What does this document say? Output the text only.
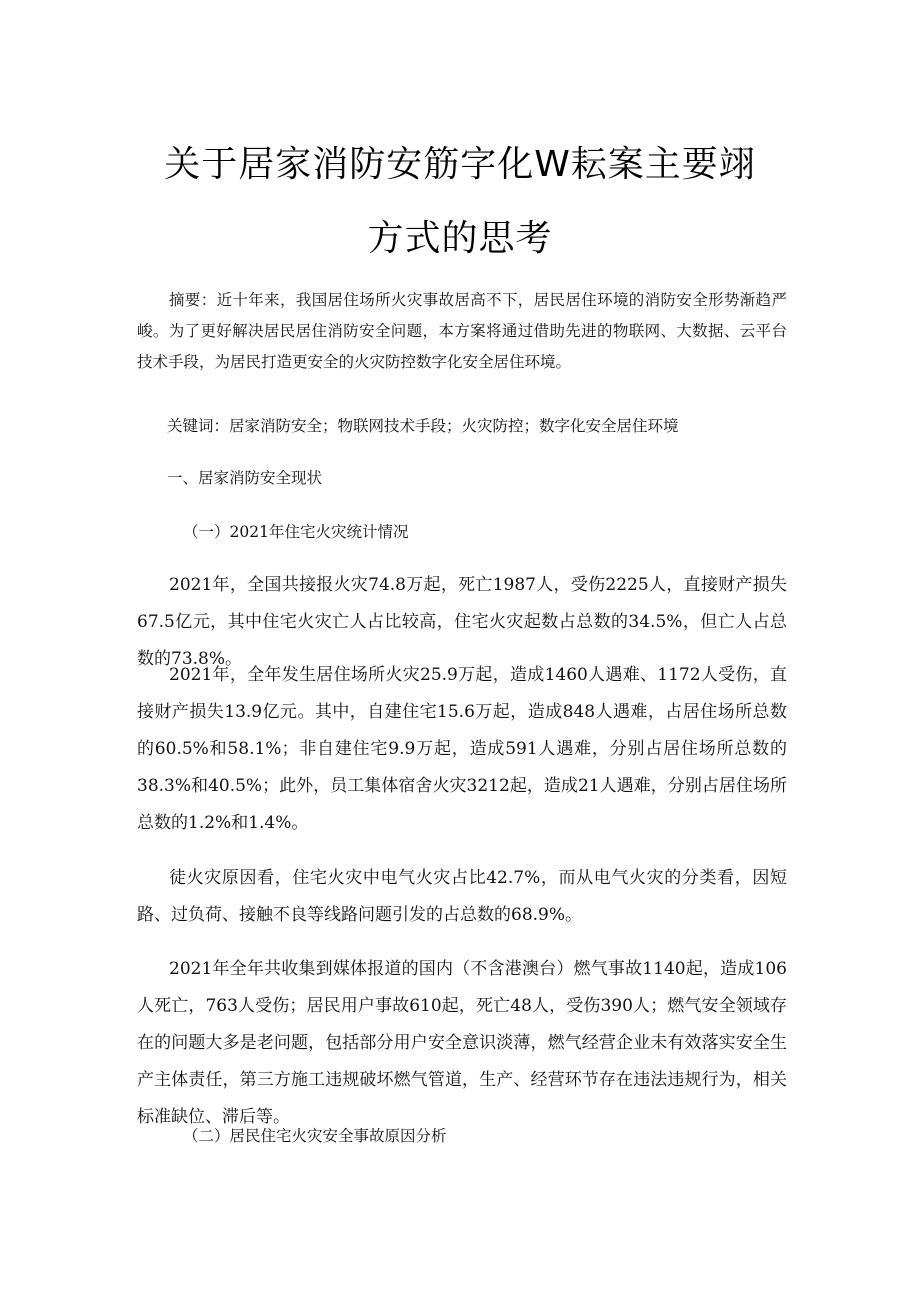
关于居家消防安筋字化W耘案主要翊
方式的思考
摘要：近十年来，我国居住场所火灾事故居高不下，居民居住环境的消防安全形势渐趋严峻。为了更好解决居民居住消防安全问题，本方案将通过借助先进的物联网、大数据、云平台技术手段，为居民打造更安全的火灾防控数字化安全居住环境。
关键词：居家消防安全；物联网技术手段；火灾防控；数字化安全居住环境
一、居家消防安全现状
（一）2021年住宅火灾统计情况
2021年，全国共接报火灾74.8万起，死亡1987人，受伤2225人，直接财产损失67.5亿元，其中住宅火灾亡人占比较高，住宅火灾起数占总数的34.5%，但亡人占总数的73.8%。
2021年，全年发生居住场所火灾25.9万起，造成1460人遇难、1172人受伤，直接财产损失13.9亿元。其中，自建住宅15.6万起，造成848人遇难，占居住场所总数的60.5%和58.1%；非自建住宅9.9万起，造成591人遇难，分别占居住场所总数的38.3%和40.5%；此外，员工集体宿舍火灾3212起，造成21人遇难，分别占居住场所总数的1.2%和1.4%。
徒火灾原因看，住宅火灾中电气火灾占比42.7%，而从电气火灾的分类看，因短路、过负荷、接触不良等线路问题引发的占总数的68.9%。
2021年全年共收集到媒体报道的国内（不含港澳台）燃气事故1140起，造成106人死亡，763人受伤；居民用户事故610起，死亡48人，受伤390人；燃气安全领域存在的问题大多是老问题，包括部分用户安全意识淡薄，燃气经营企业未有效落实安全生产主体责任，第三方施工违规破坏燃气管道，生产、经营环节存在违法违规行为，相关标准缺位、滞后等。
（二）居民住宅火灾安全事故原因分析
